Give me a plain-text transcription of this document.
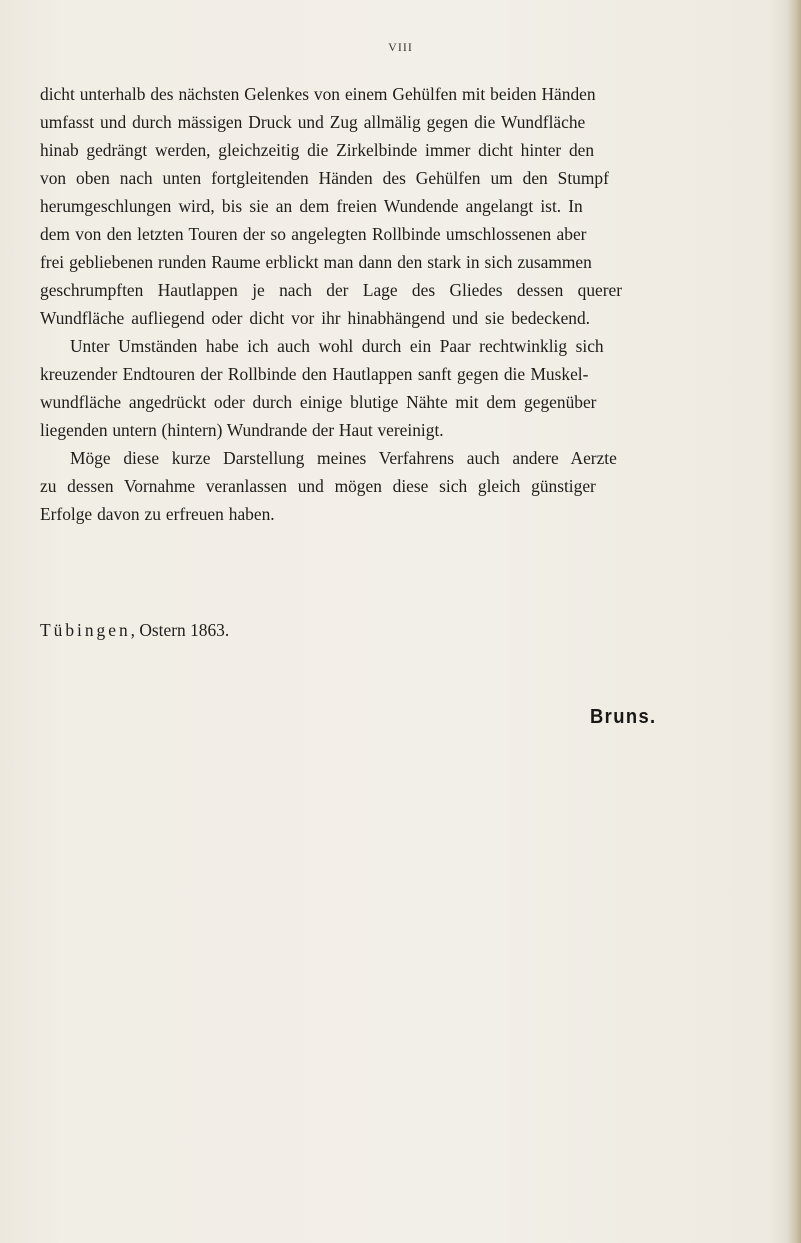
VIII
dicht unterhalb des nächsten Gelenkes von einem Gehülfen mit beiden Händen
umfasst und durch mässigen Druck und Zug allmälig gegen die Wundfläche
hinab gedrängt werden, gleichzeitig die Zirkelbinde immer dicht hinter den
von oben nach unten fortgleitenden Händen des Gehülfen um den Stumpf
herumgeschlungen wird, bis sie an dem freien Wundende angelangt ist. In
dem von den letzten Touren der so angelegten Rollbinde umschlossenen aber
frei gebliebenen runden Raume erblickt man dann den stark in sich zusammen
geschrumpften Hautlappen je nach der Lage des Gliedes dessen querer
Wundfläche aufliegend oder dicht vor ihr hinabhängend und sie bedeckend.
Unter Umständen habe ich auch wohl durch ein Paar rechtwinklig sich
kreuzender Endtouren der Rollbinde den Hautlappen sanft gegen die Muskel-
wundfläche angedrückt oder durch einige blutige Nähte mit dem gegenüber
liegenden untern (hintern) Wundrande der Haut vereinigt.
Möge diese kurze Darstellung meines Verfahrens auch andere Aerzte
zu dessen Vornahme veranlassen und mögen diese sich gleich günstiger
Erfolge davon zu erfreuen haben.
Tübingen, Ostern 1863.
Bruns.
